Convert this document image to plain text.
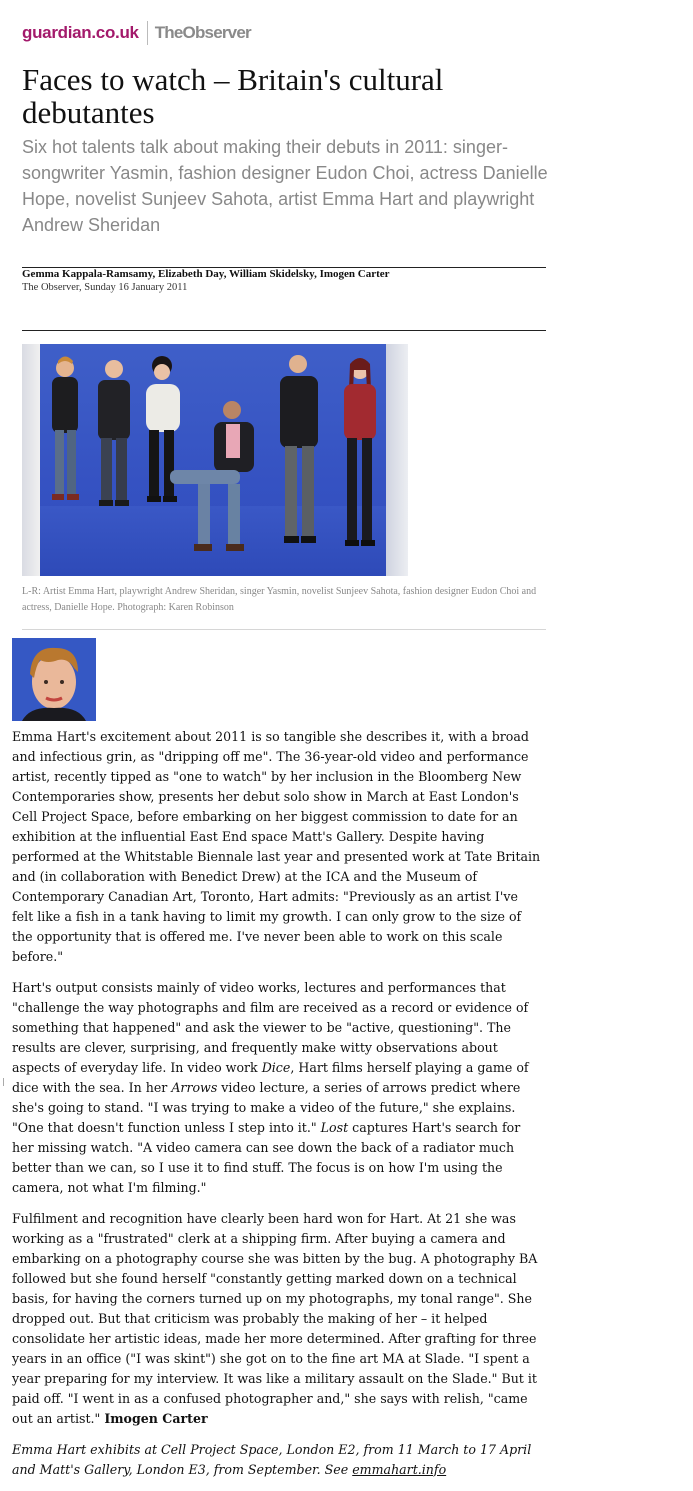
guardian.co.uk TheObserver
Faces to watch – Britain's cultural debutantes

Six hot talents talk about making their debuts in 2011: singer-songwriter Yasmin, fashion designer Eudon Choi, actress Danielle Hope, novelist Sunjeev Sahota, artist Emma Hart and playwright Andrew Sheridan

Gemma Kappala-Ramsamy, Elizabeth Day, William Skidelsky, Imogen Carter
The Observer, Sunday 16 January 2011

L-R: Artist Emma Hart, playwright Andrew Sheridan, singer Yasmin, novelist Sunjeev Sahota, fashion designer Eudon Choi and actress, Danielle Hope. Photograph: Karen Robinson

Emma Hart's excitement about 2011 is so tangible she describes it, with a broad and infectious grin, as "dripping off me". The 36-year-old video and performance artist, recently tipped as "one to watch" by her inclusion in the Bloomberg New Contemporaries show, presents her debut solo show in March at East London's Cell Project Space, before embarking on her biggest commission to date for an exhibition at the influential East End space Matt's Gallery. Despite having performed at the Whitstable Biennale last year and presented work at Tate Britain and (in collaboration with Benedict Drew) at the ICA and the Museum of Contemporary Canadian Art, Toronto, Hart admits: "Previously as an artist I've felt like a fish in a tank having to limit my growth. I can only grow to the size of the opportunity that is offered me. I've never been able to work on this scale before."

Hart's output consists mainly of video works, lectures and performances that "challenge the way photographs and film are received as a record or evidence of something that happened" and ask the viewer to be "active, questioning". The results are clever, surprising, and frequently make witty observations about aspects of everyday life. In video work Dice, Hart films herself playing a game of dice with the sea. In her Arrows video lecture, a series of arrows predict where she's going to stand. "I was trying to make a video of the future," she explains. "One that doesn't function unless I step into it." Lost captures Hart's search for her missing watch. "A video camera can see down the back of a radiator much better than we can, so I use it to find stuff. The focus is on how I'm using the camera, not what I'm filming."

Fulfilment and recognition have clearly been hard won for Hart. At 21 she was working as a "frustrated" clerk at a shipping firm. After buying a camera and embarking on a photography course she was bitten by the bug. A photography BA followed but she found herself "constantly getting marked down on a technical basis, for having the corners turned up on my photographs, my tonal range". She dropped out. But that criticism was probably the making of her – it helped consolidate her artistic ideas, made her more determined. After grafting for three years in an office ("I was skint") she got on to the fine art MA at Slade. "I spent a year preparing for my interview. It was like a military assault on the Slade." But it paid off. "I went in as a confused photographer and," she says with relish, "came out an artist." Imogen Carter

Emma Hart exhibits at Cell Project Space, London E2, from 11 March to 17 April and Matt's Gallery, London E3, from September. See emmahart.info
